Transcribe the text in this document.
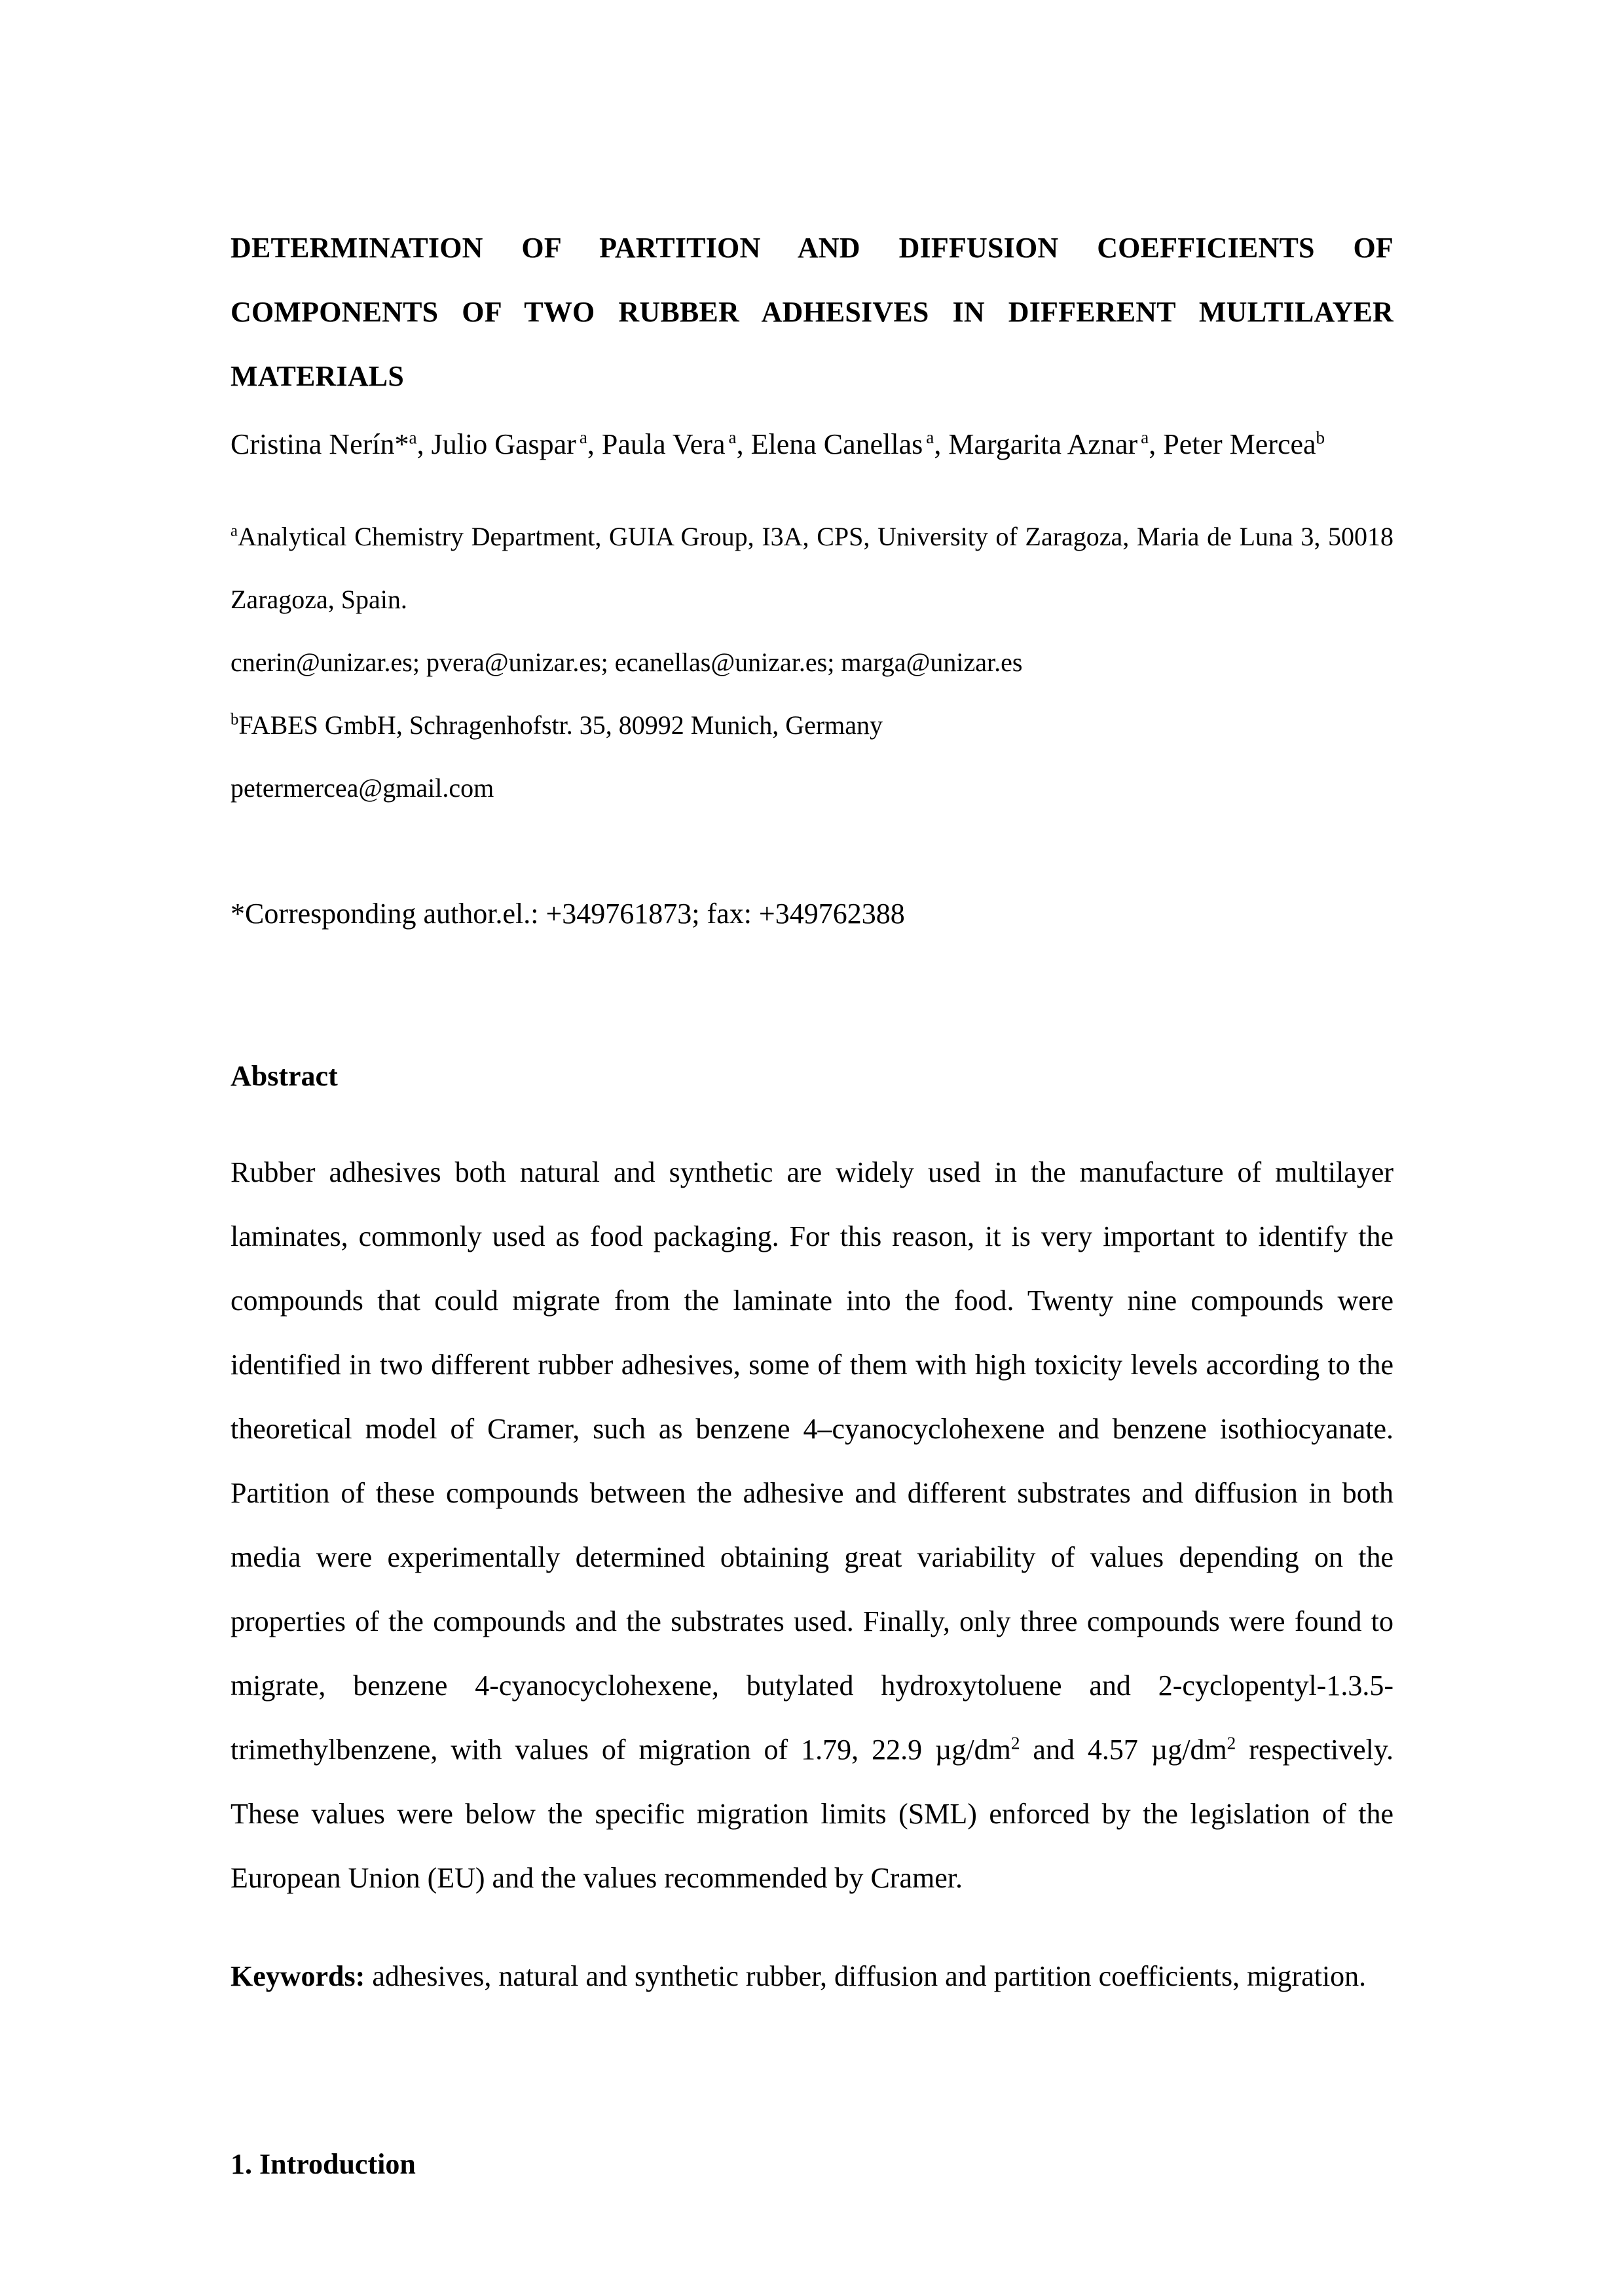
DETERMINATION OF PARTITION AND DIFFUSION COEFFICIENTS OF COMPONENTS OF TWO RUBBER ADHESIVES IN DIFFERENT MULTILAYER MATERIALS

Cristina Nerín*$^a$, Julio Gaspar $^a$, Paula Vera $^a$, Elena Canellas $^a$, Margarita Aznar $^a$, Peter Mercea$^b$

$^a$Analytical Chemistry Department, GUIA Group, I3A, CPS, University of Zaragoza, Maria de Luna 3, 50018 Zaragoza, Spain.

cnerin@unizar.es; pvera@unizar.es; ecanellas@unizar.es; marga@unizar.es

$^b$FABES GmbH, Schragenhofstr. 35, 80992 Munich, Germany

petermercea@gmail.com

*Corresponding author.el.: +349761873; fax: +349762388

Abstract

Rubber adhesives both natural and synthetic are widely used in the manufacture of multilayer laminates, commonly used as food packaging. For this reason, it is very important to identify the compounds that could migrate from the laminate into the food. Twenty nine compounds were identified in two different rubber adhesives, some of them with high toxicity levels according to the theoretical model of Cramer, such as benzene 4–cyanocyclohexene and benzene isothiocyanate. Partition of these compounds between the adhesive and different substrates and diffusion in both media were experimentally determined obtaining great variability of values depending on the properties of the compounds and the substrates used. Finally, only three compounds were found to migrate, benzene 4-cyanocyclohexene, butylated hydroxytoluene and 2-cyclopentyl-1.3.5-trimethylbenzene, with values of migration of 1.79, 22.9 $\mu g/dm^2$ and 4.57 $\mu g/dm^2$ respectively. These values were below the specific migration limits (SML) enforced by the legislation of the European Union (EU) and the values recommended by Cramer.

Keywords: adhesives, natural and synthetic rubber, diffusion and partition coefficients, migration.

1. Introduction
